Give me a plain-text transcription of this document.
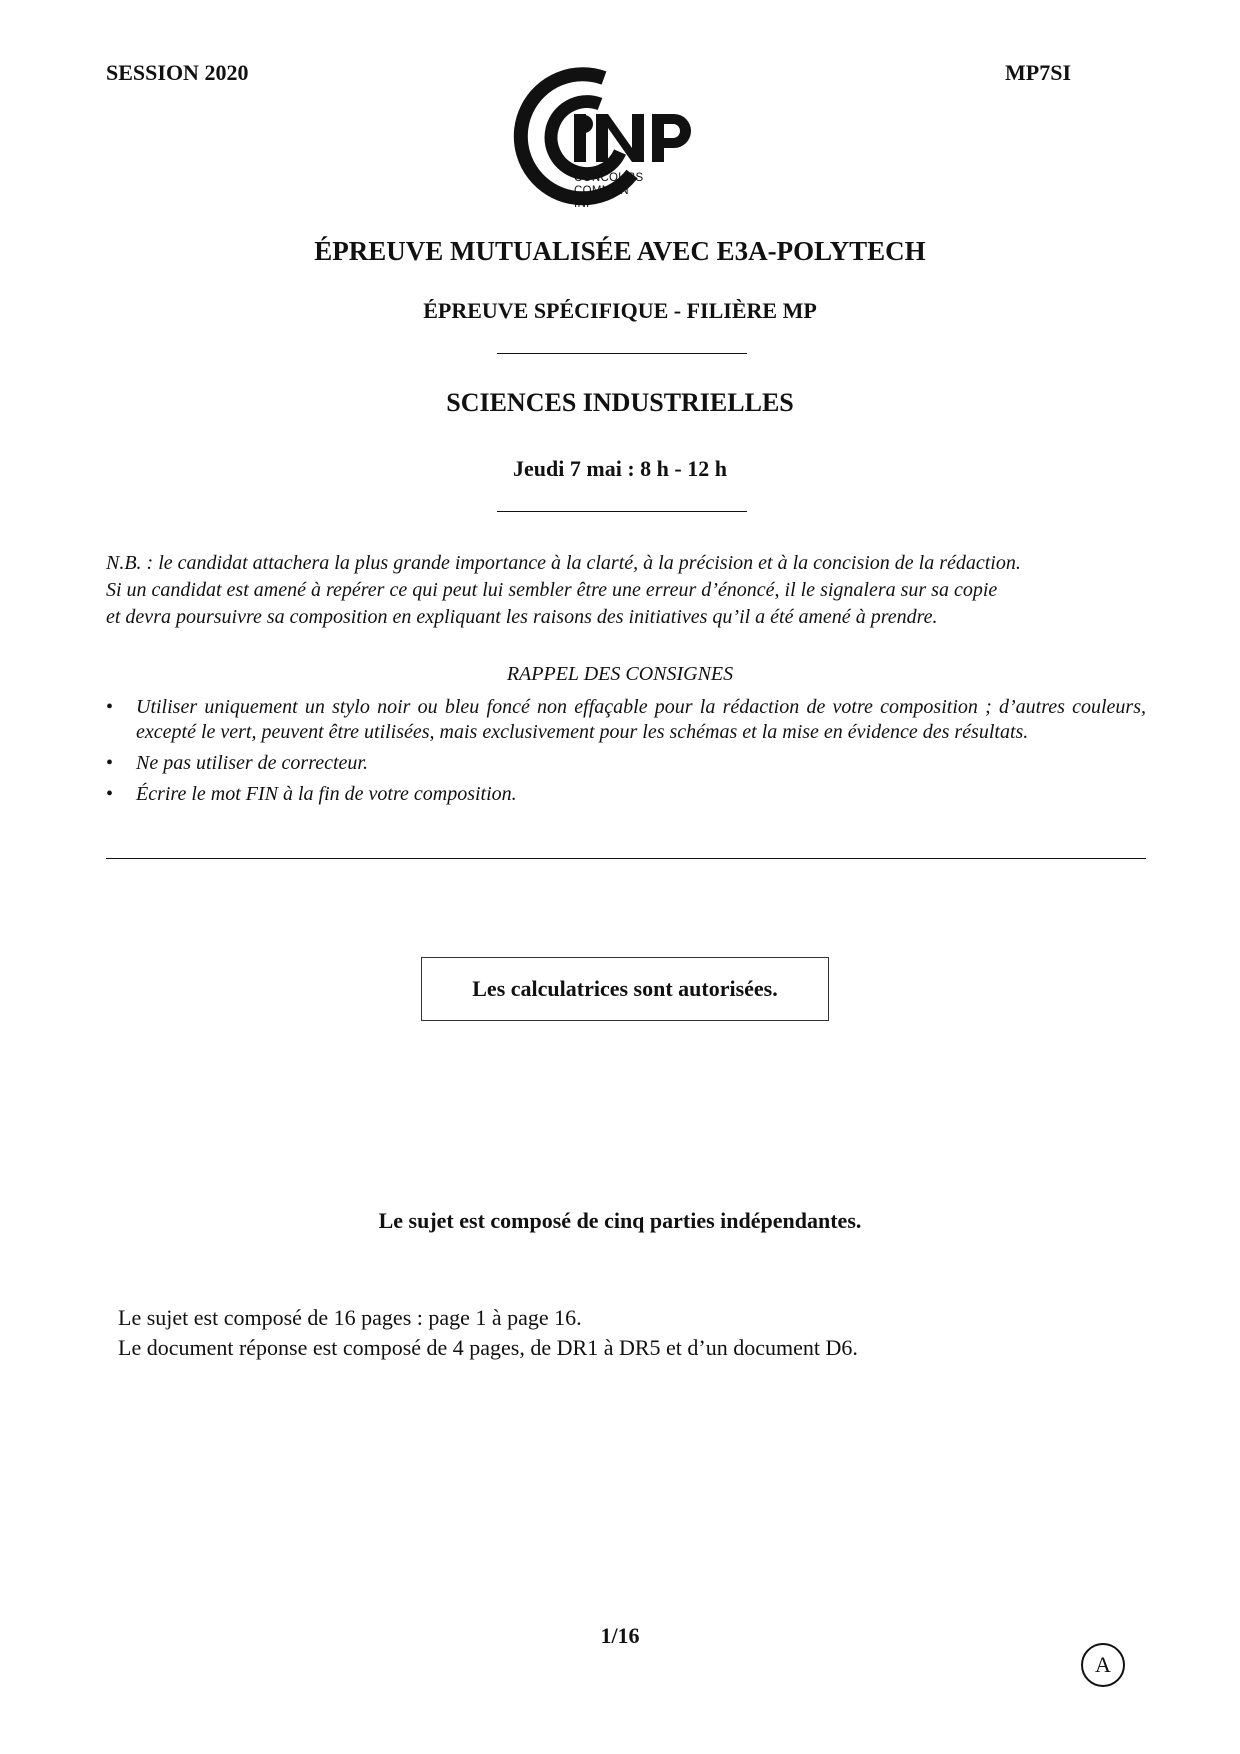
SESSION 2020	MP7SI
CONCOURS
COMMUN
INP
ÉPREUVE MUTUALISÉE AVEC E3A-POLYTECH
ÉPREUVE SPÉCIFIQUE - FILIÈRE MP
SCIENCES INDUSTRIELLES
Jeudi 7 mai : 8 h - 12 h

N.B. : le candidat attachera la plus grande importance à la clarté, à la précision et à la concision de la rédaction.

Si un candidat est amené à repérer ce qui peut lui sembler être une erreur d’énoncé, il le signalera sur sa copie

et devra poursuivre sa composition en expliquant les raisons des initiatives qu’il a été amené à prendre.

RAPPEL DES CONSIGNES
• Utiliser uniquement un stylo noir ou bleu foncé non effaçable pour la rédaction de votre composition ; d’autres couleurs, excepté le vert, peuvent être utilisées, mais exclusivement pour les schémas et la mise en évidence des résultats.
• Ne pas utiliser de correcteur.
• Écrire le mot FIN à la fin de votre composition.
Les calculatrices sont autorisées.
Le sujet est composé de cinq parties indépendantes.

Le sujet est composé de 16 pages : page 1 à page 16.

Le document réponse est composé de 4 pages, de DR1 à DR5 et d’un document D6.

1/16
A
